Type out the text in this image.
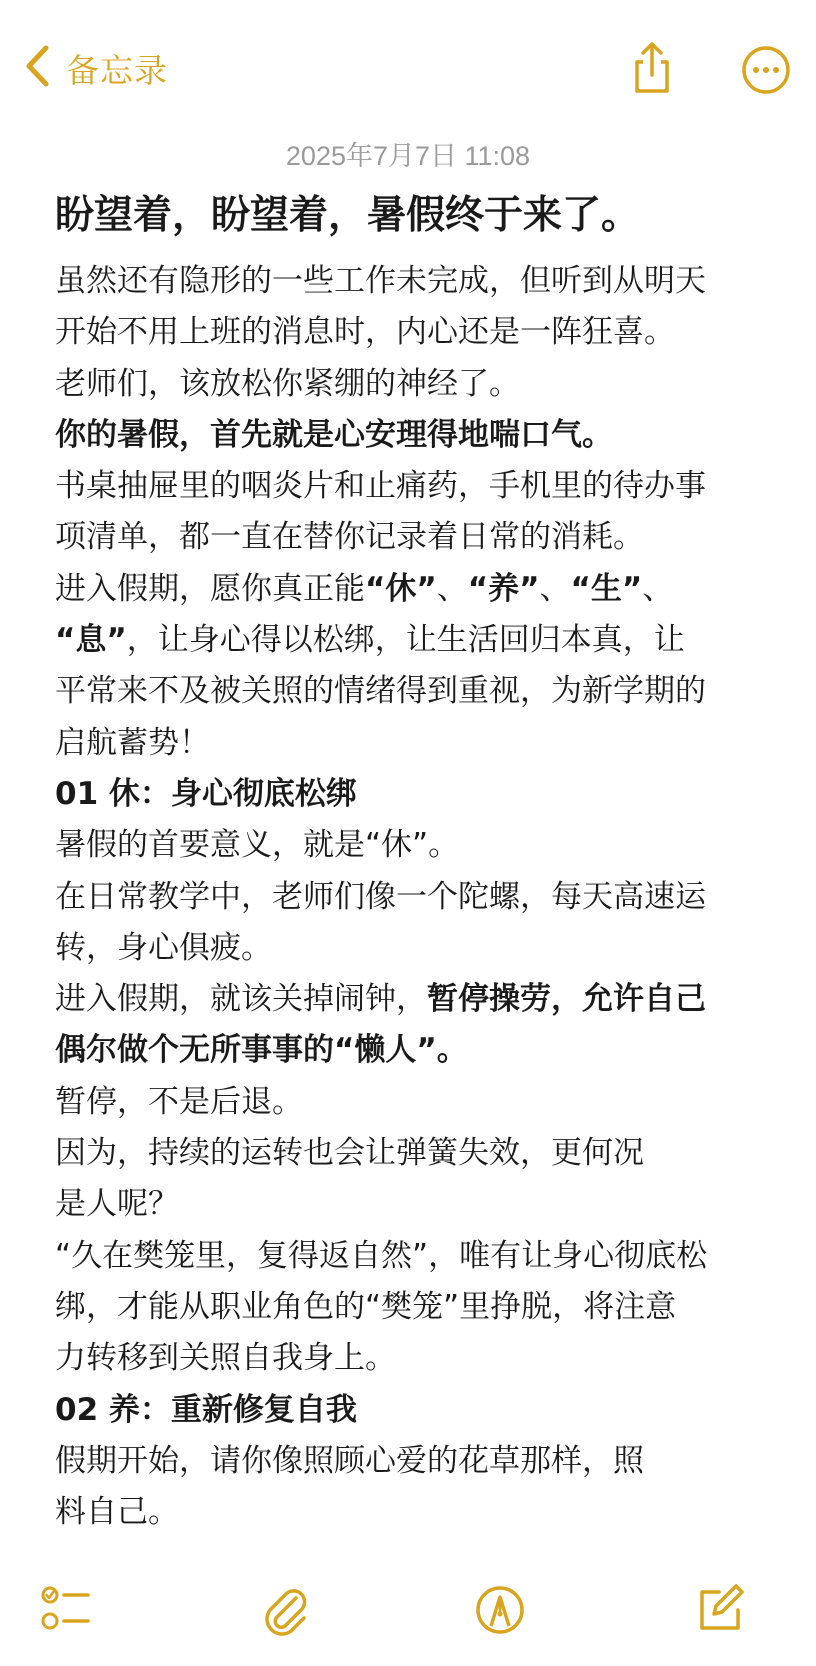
备忘录
2025年7月7日 11:08
盼望着，盼望着，暑假终于来了。
虽然还有隐形的一些工作未完成，但听到从明天
开始不用上班的消息时，内心还是一阵狂喜。
老师们，该放松你紧绷的神经了。
你的暑假，首先就是心安理得地喘口气。
书桌抽屉里的咽炎片和止痛药，手机里的待办事
项清单，都一直在替你记录着日常的消耗。
进入假期，愿你真正能“休”、“养”、“生”、
“息”，让身心得以松绑，让生活回归本真，让
平常来不及被关照的情绪得到重视，为新学期的
启航蓄势！
01 休：身心彻底松绑
暑假的首要意义，就是“休”。
在日常教学中，老师们像一个陀螺，每天高速运
转，身心俱疲。
进入假期，就该关掉闹钟，暂停操劳，允许自己
偶尔做个无所事事的“懒人”。
暂停，不是后退。
因为，持续的运转也会让弹簧失效，更何况
是人呢？
“久在樊笼里，复得返自然”，唯有让身心彻底松
绑，才能从职业角色的“樊笼”里挣脱，将注意
力转移到关照自我身上。
02 养：重新修复自我
假期开始，请你像照顾心爱的花草那样，照
料自己。
